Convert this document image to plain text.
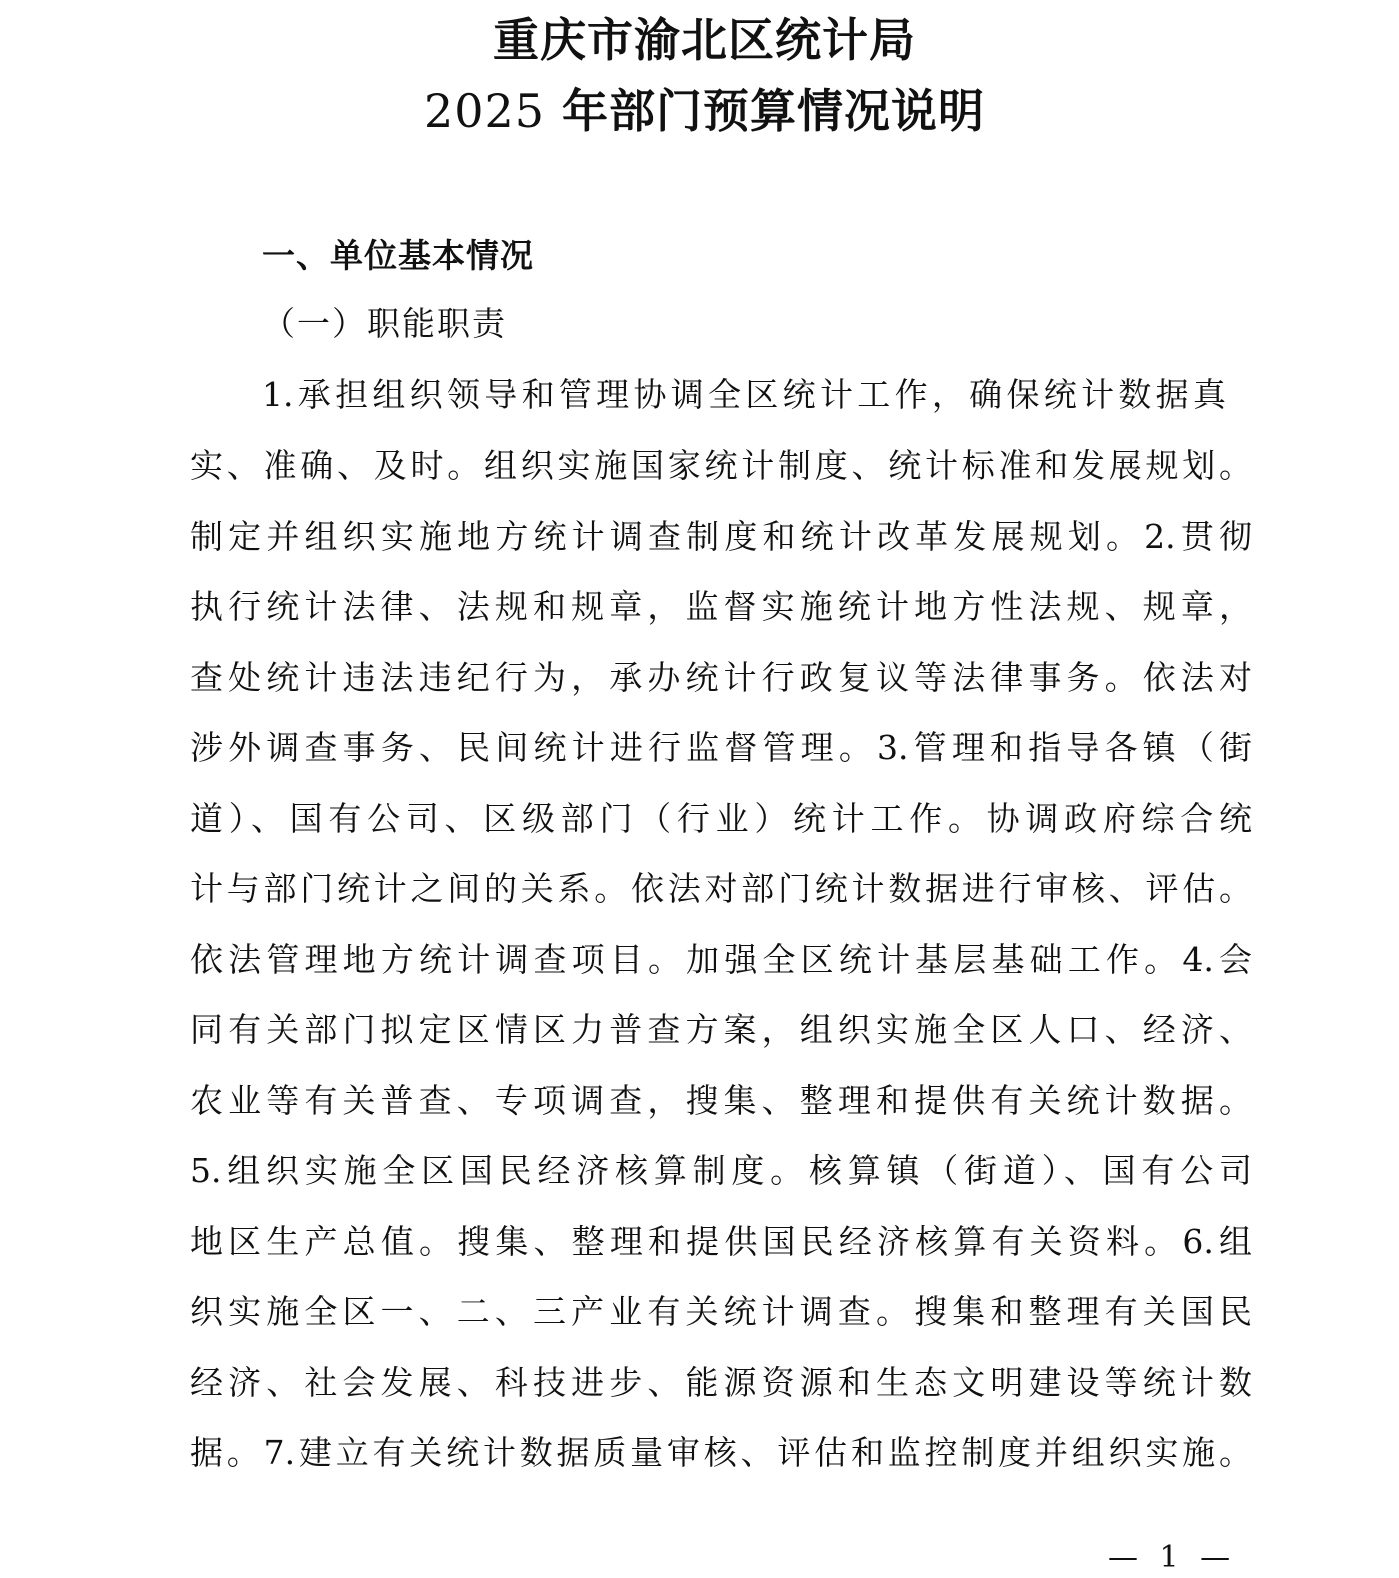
重庆市渝北区统计局
2025 年部门预算情况说明
一、单位基本情况
（一）职能职责
1.承担组织领导和管理协调全区统计工作，确保统计数据真
实、准确、及时。组织实施国家统计制度、统计标准和发展规划。
制定并组织实施地方统计调查制度和统计改革发展规划。2.贯彻
执行统计法律、法规和规章，监督实施统计地方性法规、规章，
查处统计违法违纪行为，承办统计行政复议等法律事务。依法对
涉外调查事务、民间统计进行监督管理。3.管理和指导各镇（街
道）、国有公司、区级部门（行业）统计工作。协调政府综合统
计与部门统计之间的关系。依法对部门统计数据进行审核、评估。
依法管理地方统计调查项目。加强全区统计基层基础工作。4.会
同有关部门拟定区情区力普查方案，组织实施全区人口、经济、
农业等有关普查、专项调查，搜集、整理和提供有关统计数据。
5.组织实施全区国民经济核算制度。核算镇（街道）、国有公司
地区生产总值。搜集、整理和提供国民经济核算有关资料。6.组
织实施全区一、二、三产业有关统计调查。搜集和整理有关国民
经济、社会发展、科技进步、能源资源和生态文明建设等统计数
据。7.建立有关统计数据质量审核、评估和监控制度并组织实施。
— 1 —
